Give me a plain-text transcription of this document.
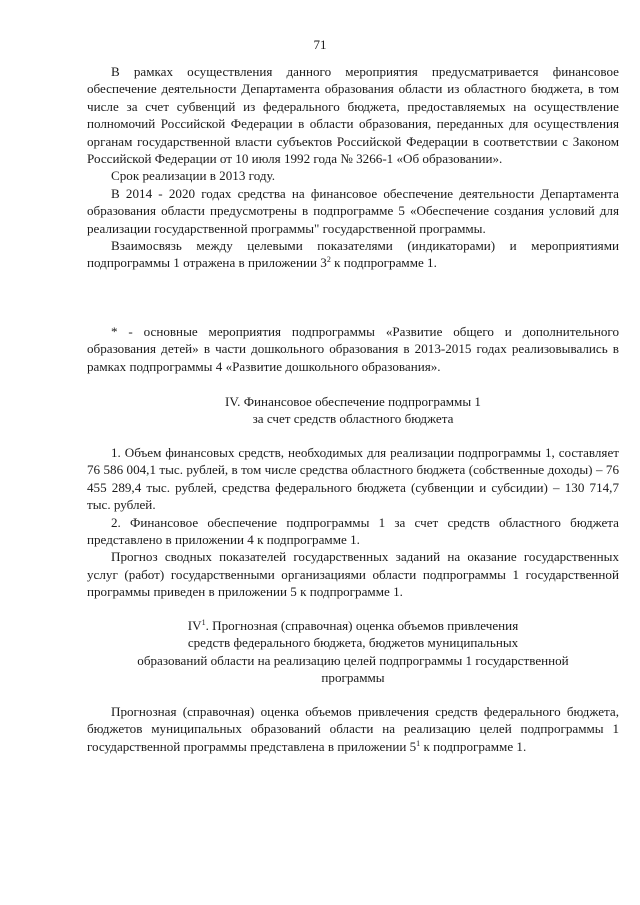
71

В рамках осуществления данного мероприятия предусматривается финансовое обеспечение деятельности Департамента образования области из областного бюджета, в том числе за счет субвенций из федерального бюджета, предоставляемых на осуществление полномочий Российской Федерации в области образования, переданных для осуществления органам государственной власти субъектов Российской Федерации в соответствии с Законом Российской Федерации от 10 июля 1992 года № 3266-1 «Об образовании».

Срок реализации в 2013 году.

В 2014 - 2020 годах средства на финансовое обеспечение деятельности Департамента образования области предусмотрены в подпрограмме 5 «Обеспечение создания условий для реализации государственной программы" государственной программы.

Взаимосвязь между целевыми показателями (индикаторами) и мероприятиями подпрограммы 1 отражена в приложении $3^2$ к подпрограмме 1.

* - основные мероприятия подпрограммы «Развитие общего и дополнительного образования детей» в части дошкольного образования в 2013-2015 годах реализовывались в рамках подпрограммы 4 «Развитие дошкольного образования».

IV. Финансовое обеспечение подпрограммы 1

за счет средств областного бюджета

1. Объем финансовых средств, необходимых для реализации подпрограммы 1, составляет 76 586 004,1 тыс. рублей, в том числе средства областного бюджета (собственные доходы) – 76 455 289,4 тыс. рублей, средства федерального бюджета (субвенции и субсидии) – 130 714,7 тыс. рублей.

2. Финансовое обеспечение подпрограммы 1 за счет средств областного бюджета представлено в приложении 4 к подпрограмме 1.

Прогноз сводных показателей государственных заданий на оказание государственных услуг (работ) государственными организациями области подпрограммы 1 государственной программы приведен в приложении 5 к подпрограмме 1.

$IV^1$. Прогнозная (справочная) оценка объемов привлечения

средств федерального бюджета, бюджетов муниципальных

образований области на реализацию целей подпрограммы 1 государственной

программы

Прогнозная (справочная) оценка объемов привлечения средств федерального бюджета, бюджетов муниципальных образований области на реализацию целей подпрограммы 1 государственной программы представлена в приложении $5^1$ к подпрограмме 1.
